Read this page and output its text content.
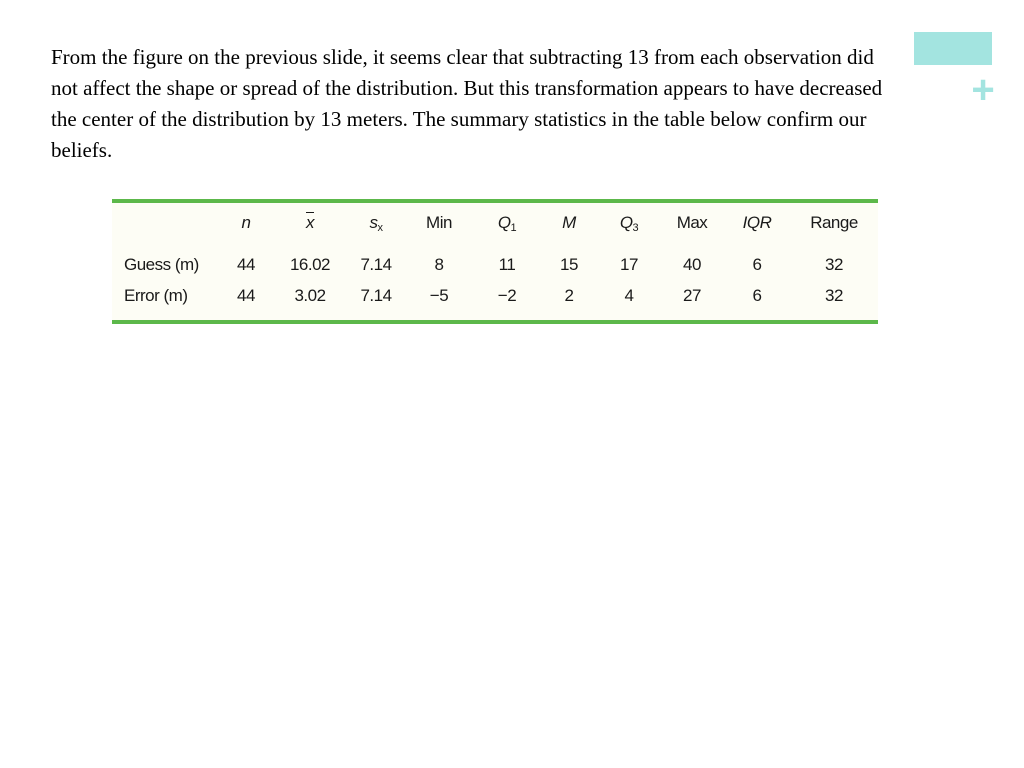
+

From the figure on the previous slide, it seems clear that subtracting 13 from each observation did not affect the shape or spread of the distribution. But this transformation appears to have decreased the center of the distribution by 13 meters. The summary statistics in the table below confirm our beliefs.

	n	$\overline{x}$	$s_x$	Min	$Q_1$	M	$Q_3$	Max	IQR	Range
Guess (m)	44	16.02	7.14	8	11	15	17	40	6	32
Error (m)	44	3.02	7.14	−5	−2	2	4	27	6	32
